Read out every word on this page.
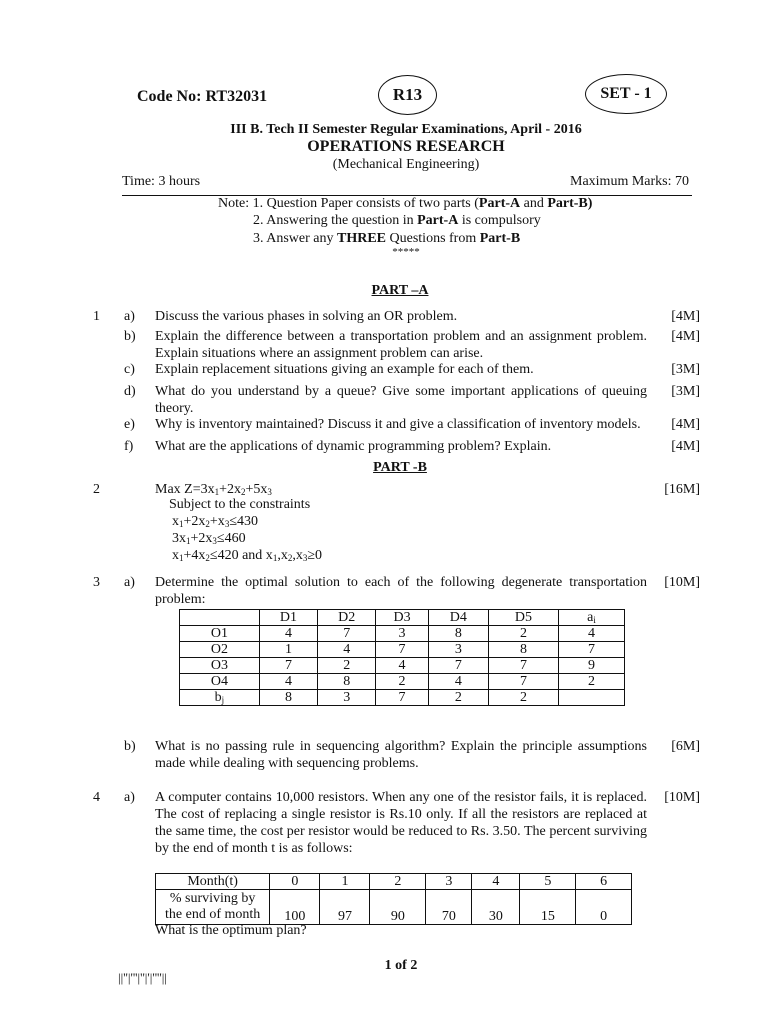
Code No: RT32031	R13	SET - 1
III B. Tech II Semester Regular Examinations, April - 2016
OPERATIONS RESEARCH
(Mechanical Engineering)
Time: 3 hours	Maximum Marks: 70
Note: 1. Question Paper consists of two parts (Part-A and Part-B)
2. Answering the question in Part-A is compulsory
3. Answer any THREE Questions from Part-B
*****
PART –A
1	a)	Discuss the various phases in solving an OR problem.	[4M]
b)	Explain the difference between a transportation problem and an assignment problem. Explain situations where an assignment problem can arise.
[4M]
c)	Explain replacement situations giving an example for each of them.	[3M]
d)	What do you understand by a queue? Give some important applications of queuing theory.
[3M]
e)	Why is inventory maintained? Discuss it and give a classification of inventory models.	[4M]
f)	What are the applications of dynamic programming problem? Explain.	[4M]
PART -B
2	Max $Z=3x_1+2x_2+5x_3$	[16M]
Subject to the constraints
$x_1+2x_2+x_3\le 430$
$3x_1+2x_3\le 460$
$x_1+4x_2\le 420$ and $x_1,x_2,x_3\ge 0$
3	a)	Determine the optimal solution to each of the following degenerate transportation problem:
[10M]
	D1	D2	D3	D4	D5	$a_i$
O1	4	7	3	8	2	4
O2	1	4	7	3	8	7
O3	7	2	4	7	7	9
O4	4	8	2	4	7	2
$b_j$	8	3	7	2	2	
b)	What is no passing rule in sequencing algorithm? Explain the principle assumptions made while dealing with sequencing problems.
[6M]
4	a)	A computer contains 10,000 resistors. When any one of the resistor fails, it is replaced. The cost of replacing a single resistor is Rs.10 only. If all the resistors are replaced at the same time, the cost per resistor would be reduced to Rs. 3.50. The percent surviving by the end of month t is as follows:
[10M]
Month(t)	0	1	2	3	4	5	6

% surviving by
the end of month	100	97	90	70	30	15	0
What is the optimum plan?
1 of 2
||''|'''|''|'|''''||
